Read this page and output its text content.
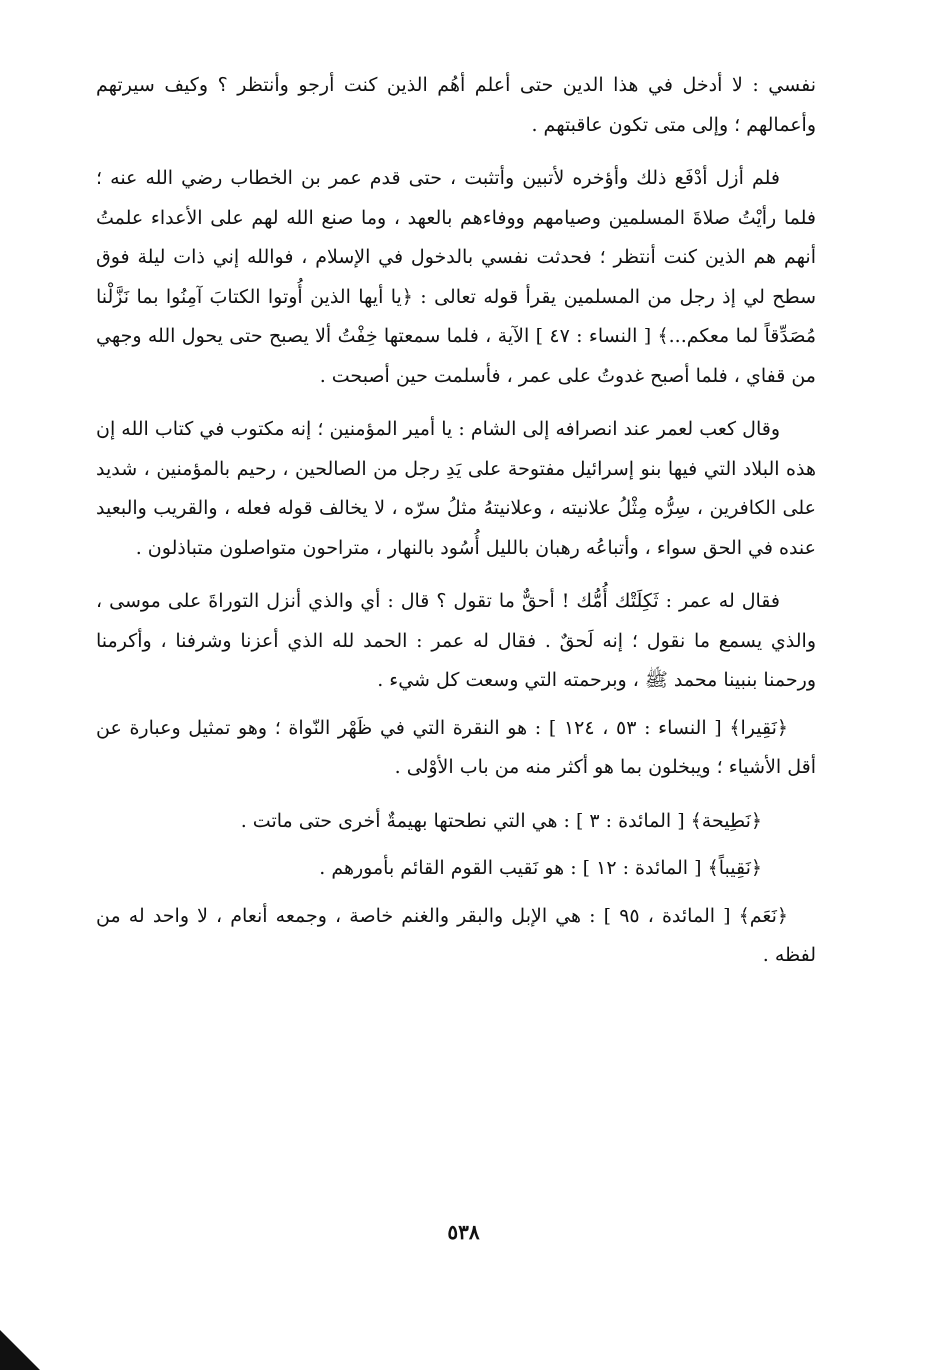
نفسي : لا أدخل في هذا الدين حتى أعلم أهُم الذين كنت أرجو وأنتظر ؟ وكيف سيرتهم وأعمالهم ؛ وإلى متى تكون عاقبتهم .

فلم أزل أدْفَع ذلك وأؤخره لأتبين وأتثبت ، حتى قدم عمر بن الخطاب رضي الله عنه ؛ فلما رأيْتُ صلاةَ المسلمين وصيامهم ووفاءهم بالعهد ، وما صنع الله لهم على الأعداء علمتُ أنهم هم الذين كنت أنتظر ؛ فحدثت نفسي بالدخول في الإسلام ، فوالله إني ذات ليلة فوق سطح لي إذ رجل من المسلمين يقرأ قوله تعالى : ﴿يا أيها الذين أُوتوا الكتابَ آمِنُوا بما نَزَّلْنا مُصَدِّقاً لما معكم...﴾ [ النساء : ٤٧ ] الآية ، فلما سمعتها خِفْتُ ألا يصبح حتى يحول الله وجهي من قفاي ، فلما أصبح غدوتُ على عمر ، فأسلمت حين أصبحت .

وقال كعب لعمر عند انصرافه إلى الشام : يا أمير المؤمنين ؛ إنه مكتوب في كتاب الله إن هذه البلاد التي فيها بنو إسرائيل مفتوحة على يَدِ رجل من الصالحين ، رحيم بالمؤمنين ، شديد على الكافرين ، سِرُّه مِثْلُ علانيته ، وعلانيتهُ مثلُ سرّه ، لا يخالف قوله فعله ، والقريب والبعيد عنده في الحق سواء ، وأتباعُه رهبان بالليل أُسُود بالنهار ، متراحون متواصلون متباذلون .

فقال له عمر : ثَكِلَتْك أُمُّك ! أحقٌّ ما تقول ؟ قال : أي والذي أنزل التوراةَ على موسى ، والذي يسمع ما نقول ؛ إنه لَحقٌ . فقال له عمر : الحمد لله الذي أعزنا وشرفنا ، وأكرمنا ورحمنا بنبينا محمد ﷺ ، وبرحمته التي وسعت كل شيء .

﴿نَقِيرا﴾ [ النساء : ٥٣ ، ١٢٤ ] : هو النقرة التي في ظَهْر النّواة ؛ وهو تمثيل وعبارة عن أقل الأشياء ؛ ويبخلون بما هو أكثر منه من باب الأوْلى .
﴿نَطِيحة﴾ [ المائدة : ٣ ] : هي التي نطحتها بهيمةٌ أخرى حتى ماتت .
﴿نَقِيباً﴾ [ المائدة : ١٢ ] : هو نَقيب القوم القائم بأمورهم .
﴿نَعَم﴾ [ المائدة ، ٩٥ ] : هي الإبل والبقر والغنم خاصة ، وجمعه أنعام ، لا واحد له من لفظه .
٥٣٨
